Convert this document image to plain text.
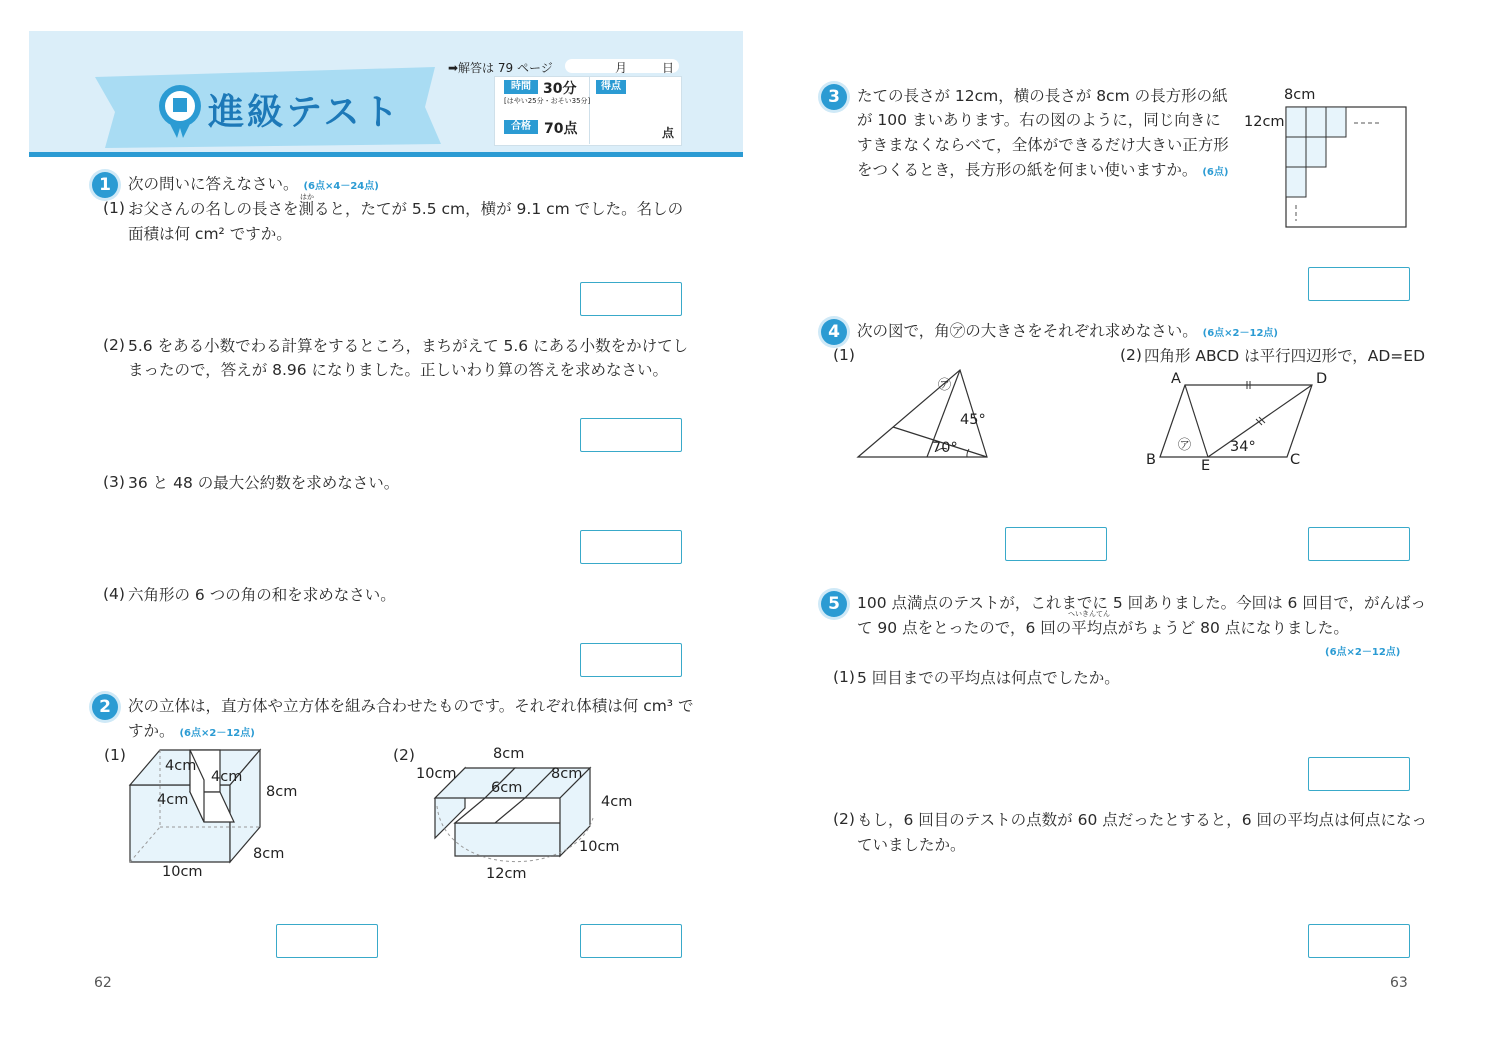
進級テスト
➡解答は 79 ページ	月	日
時間 30分
[はやい25分・おそい35分]
合格 70点
得点
点
1	次の問いに答えなさい。 (6点×4－24点)
(1)
はか
お父さんの名しの長さを測ると，たてが 5.5 cm，横が 9.1 cm でした。名しの
面積は何 cm² ですか。
(2) 5.6 をある小数でわる計算をするところ，まちがえて 5.6 にある小数をかけてし
まったので，答えが 8.96 になりました。正しいわり算の答えを求めなさい。
(3) 36 と 48 の最大公約数を求めなさい。
(4) 六角形の 6 つの角の和を求めなさい。
2	次の立体は，直方体や立方体を組み合わせたものです。それぞれ体積は何 cm³ で
すか。 (6点×2－12点)
(1)
4cm
4cm
4cm	8cm
8cm
10cm
(2)	8cm
10cm	8cm
6cm
4cm
10cm
12cm
62
3	たての長さが 12cm，横の長さが 8cm の長方形の紙
が 100 まいあります。右の図のように，同じ向きに
すきまなくならべて，全体ができるだけ大きい正方形
をつくるとき，長方形の紙を何まい使いますか。 (6点)
8cm
12cm
4	次の図で，角㋐の大きさをそれぞれ求めなさい。 (6点×2－12点)
(1)	(2) 四角形 ABCD は平行四辺形で，AD=ED
㋐
45°
70°
A	D
B	E	C
㋐	34°
5	100 点満点のテストが，これまでに 5 回ありました。今回は 6 回目で，がんばっ
へいきんてん
て 90 点をとったので，6 回の平均点がちょうど 80 点になりました。
(6点×2－12点)
(1) 5 回目までの平均点は何点でしたか。
(2) もし，6 回目のテストの点数が 60 点だったとすると，6 回の平均点は何点になっ
ていましたか。
63
